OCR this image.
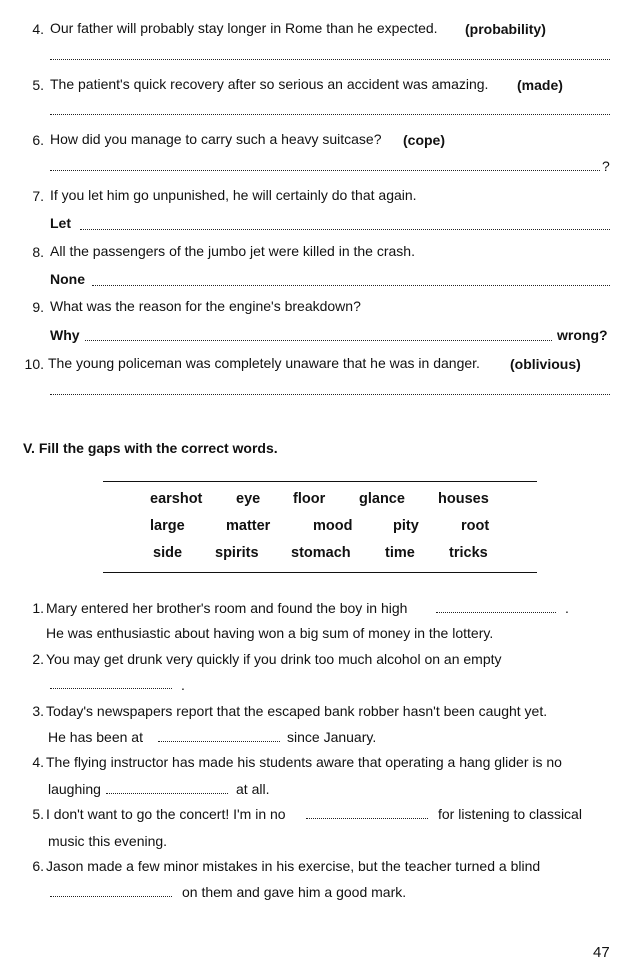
4. Our father will probably stay longer in Rome than he expected. (probability)
5. The patient's quick recovery after so serious an accident was amazing. (made)
6. How did you manage to carry such a heavy suitcase? (cope)
?
7. If you let him go unpunished, he will certainly do that again.
Let
8. All the passengers of the jumbo jet were killed in the crash.
None
9. What was the reason for the engine's breakdown?
Why	wrong?
10. The young policeman was completely unaware that he was in danger. (oblivious)
V. Fill the gaps with the correct words.
earshot eye floor glance houses
large	matter	mood	pity	root
side spirits stomach time tricks
1. Mary entered her brother's room and found the boy in high	.
He was enthusiastic about having won a big sum of money in the lottery.
2. You may get drunk very quickly if you drink too much alcohol on an empty
.
3. Today's newspapers report that the escaped bank robber hasn't been caught yet.
He has been at	since January.
4. The flying instructor has made his students aware that operating a hang glider is no
laughing	at all.
5. I don't want to go the concert! I'm in no	for listening to classical
music this evening.
6. Jason made a few minor mistakes in his exercise, but the teacher turned a blind
on them and gave him a good mark.
47
